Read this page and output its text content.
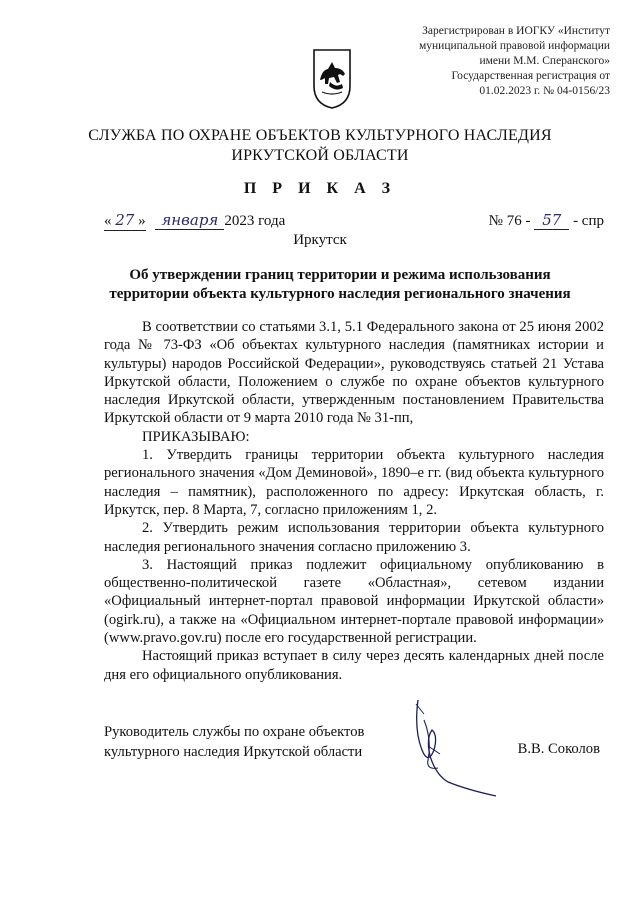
Зарегистрирован в ИОГКУ «Институт
муниципальной правовой информации
имени М.М. Сперанского»
Государственная регистрация от
01.02.2023 г. № 04-0156/23
СЛУЖБА ПО ОХРАНЕ ОБЪЕКТОВ КУЛЬТУРНОГО НАСЛЕДИЯ
ИРКУТСКОЙ ОБЛАСТИ
П Р И К А З
« 27 » января 2023 года	№ 76 - 57 - спр
Иркутск
Об утверждении границ территории и режима использования территории объекта культурного наследия регионального значения

В соответствии со статьями 3.1, 5.1 Федерального закона от 25 июня 2002 года № 73-ФЗ «Об объектах культурного наследия (памятниках истории и культуры) народов Российской Федерации», руководствуясь статьей 21 Устава Иркутской области, Положением о службе по охране объектов культурного наследия Иркутской области, утвержденным постановлением Правительства Иркутской области от 9 марта 2010 года № 31-пп,

ПРИКАЗЫВАЮ:

1. Утвердить границы территории объекта культурного наследия регионального значения «Дом Деминовой», 1890–е гг. (вид объекта культурного наследия – памятник), расположенного по адресу: Иркутская область, г. Иркутск, пер. 8 Марта, 7, согласно приложениям 1, 2.

2. Утвердить режим использования территории объекта культурного наследия регионального значения согласно приложению 3.

3. Настоящий приказ подлежит официальному опубликованию в общественно-политической газете «Областная», сетевом издании «Официальный интернет-портал правовой информации Иркутской области» (ogirk.ru), а также на «Официальном интернет-портале правовой информации» (www.pravo.gov.ru) после его государственной регистрации.

Настоящий приказ вступает в силу через десять календарных дней после дня его официального опубликования.

Руководитель службы по охране объектов
культурного наследия Иркутской области	В.В. Соколов
